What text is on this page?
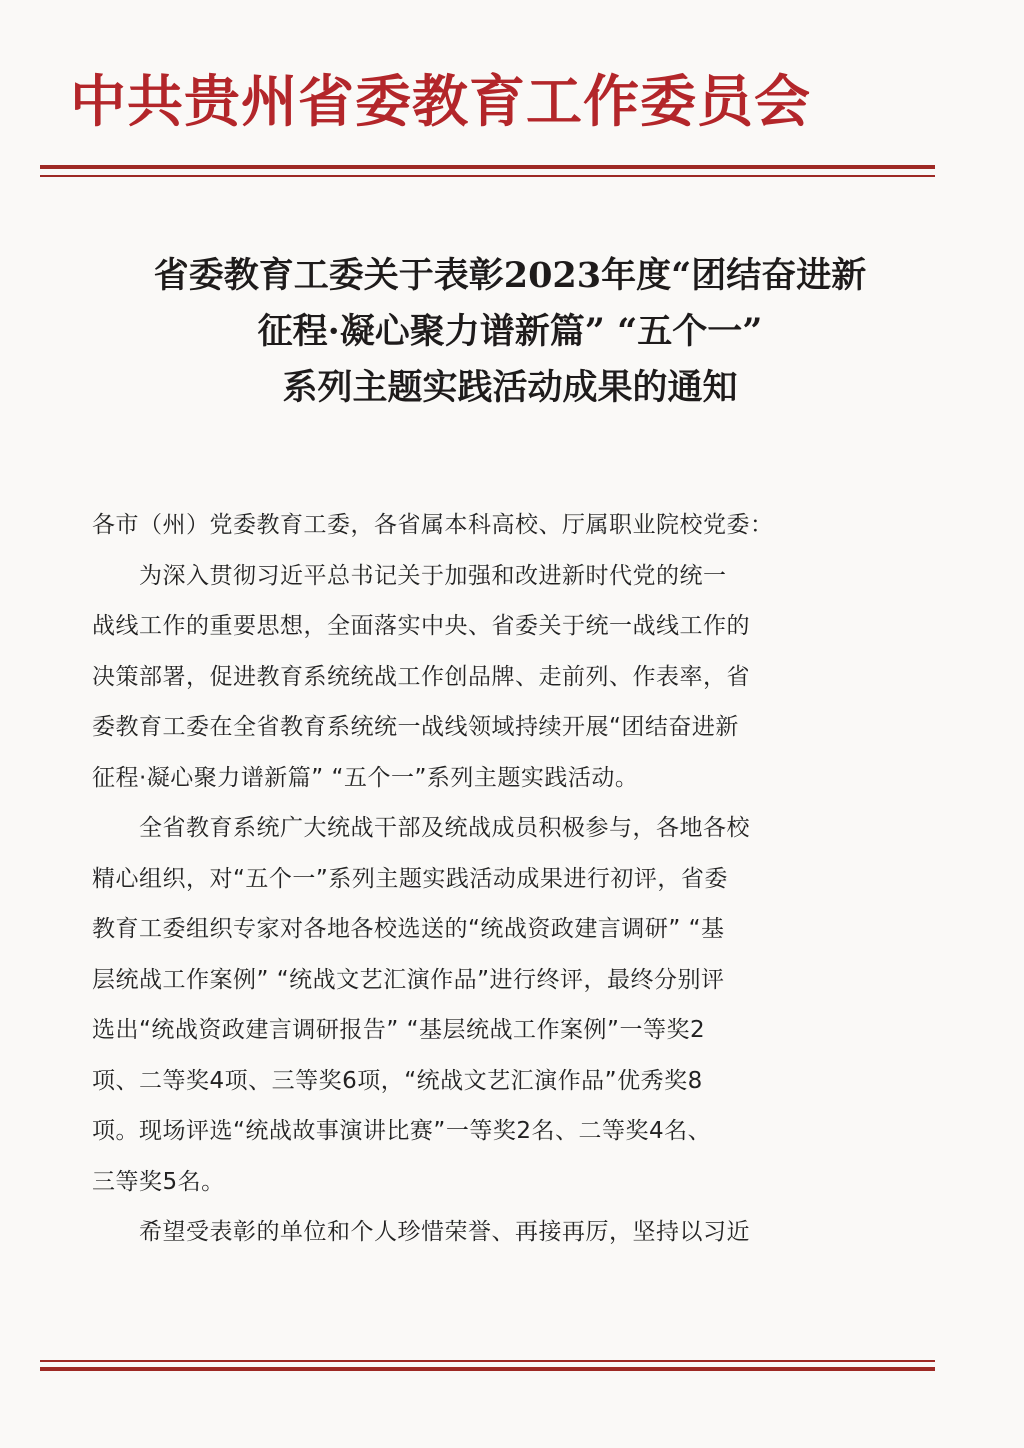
中共贵州省委教育工作委员会
省委教育工委关于表彰2023年度“团结奋进新
征程·凝心聚力谱新篇” “五个一”
系列主题实践活动成果的通知

各市（州）党委教育工委，各省属本科高校、厅属职业院校党委：

　　为深入贯彻习近平总书记关于加强和改进新时代党的统一

战线工作的重要思想，全面落实中央、省委关于统一战线工作的

决策部署，促进教育系统统战工作创品牌、走前列、作表率，省

委教育工委在全省教育系统统一战线领域持续开展“团结奋进新

征程·凝心聚力谱新篇” “五个一”系列主题实践活动。

　　全省教育系统广大统战干部及统战成员积极参与，各地各校

精心组织，对“五个一”系列主题实践活动成果进行初评，省委

教育工委组织专家对各地各校选送的“统战资政建言调研” “基

层统战工作案例” “统战文艺汇演作品”进行终评，最终分别评

选出“统战资政建言调研报告” “基层统战工作案例”一等奖2

项、二等奖4项、三等奖6项，“统战文艺汇演作品”优秀奖8

项。现场评选“统战故事演讲比赛”一等奖2名、二等奖4名、

三等奖5名。

　　希望受表彰的单位和个人珍惜荣誉、再接再厉，坚持以习近
